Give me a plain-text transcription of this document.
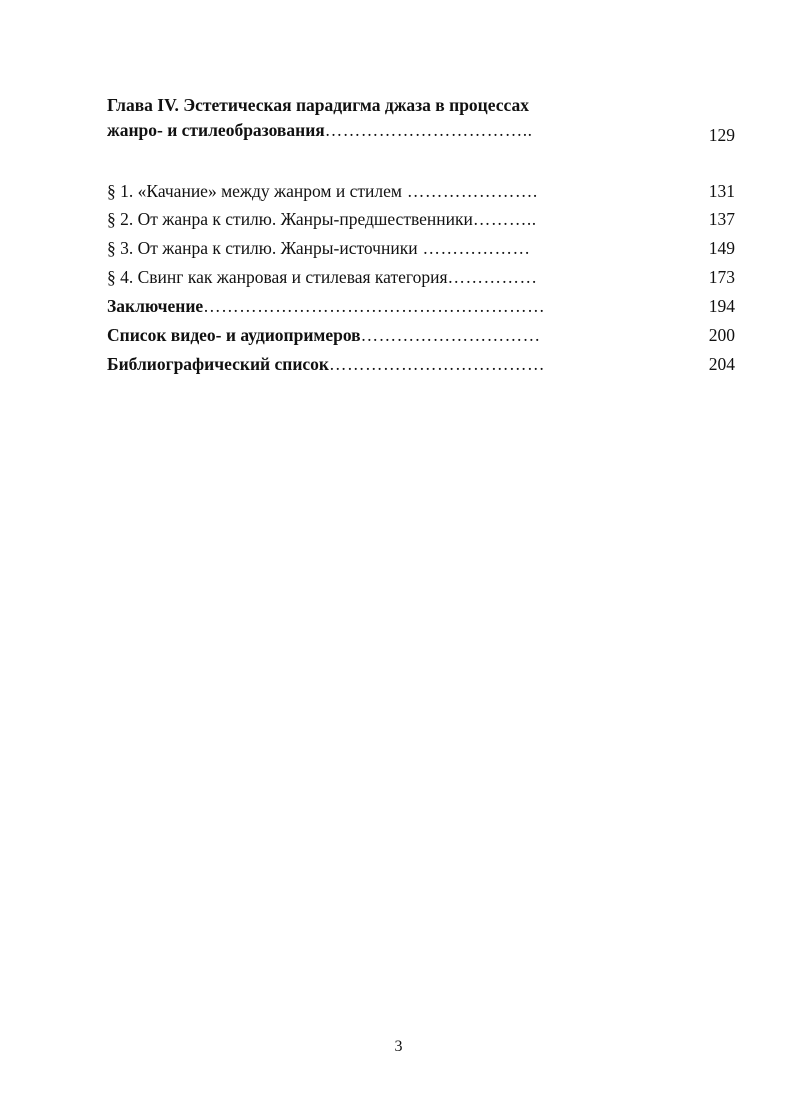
Глава IV. Эстетическая парадигма джаза в процессах
жанро- и стилеобразования……………………………..	129
§ 1. «Качание» между жанром и стилем ………………….	131
§ 2. От жанра к стилю. Жанры-предшественники………..	137
§ 3. От жанра к стилю. Жанры-источники ………………	149
§ 4. Свинг как жанровая и стилевая категория……………	173
Заключение…………………………………………………	194
Список видео- и аудиопримеров…………………………	200
Библиографический список………………………………	204
3
